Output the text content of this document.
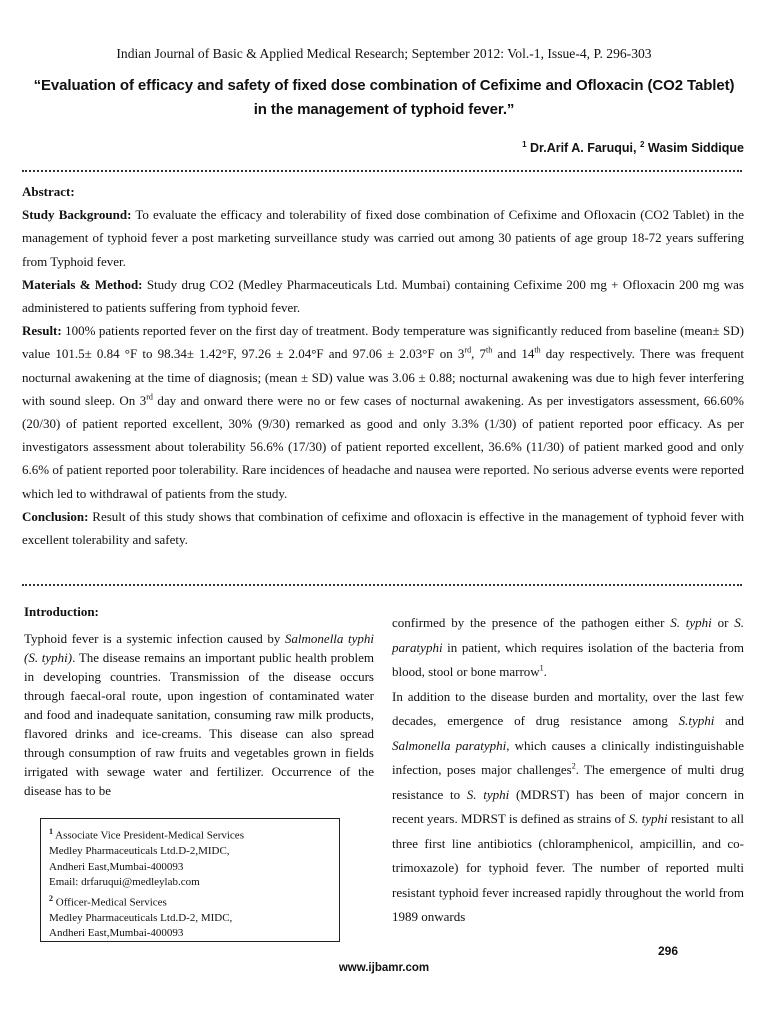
Indian Journal of Basic & Applied Medical Research; September 2012: Vol.-1, Issue-4, P. 296-303
“Evaluation of efficacy and safety of fixed dose combination of Cefixime and Ofloxacin (CO2 Tablet) in the management of typhoid fever.”
$^1$ Dr.Arif A. Faruqui, $^2$ Wasim Siddique

Abstract:

Study Background: To evaluate the efficacy and tolerability of fixed dose combination of Cefixime and Ofloxacin (CO2 Tablet) in the management of typhoid fever a post marketing surveillance study was carried out among 30 patients of age group 18-72 years suffering from Typhoid fever.

Materials & Method: Study drug CO2 (Medley Pharmaceuticals Ltd. Mumbai) containing Cefixime 200 mg + Ofloxacin 200 mg was administered to patients suffering from typhoid fever.

Result: 100% patients reported fever on the first day of treatment. Body temperature was significantly reduced from baseline (mean± SD) value 101.5± 0.84 °F to 98.34± 1.42°F, 97.26 ± 2.04°F and 97.06 ± 2.03°F on 3rd, 7th and 14th day respectively. There was frequent nocturnal awakening at the time of diagnosis; (mean ± SD) value was 3.06 ± 0.88; nocturnal awakening was due to high fever interfering with sound sleep. On 3rd day and onward there were no or few cases of nocturnal awakening. As per investigators assessment, 66.60% (20/30) of patient reported excellent, 30% (9/30) remarked as good and only 3.3% (1/30) of patient reported poor efficacy. As per investigators assessment about tolerability 56.6% (17/30) of patient reported excellent, 36.6% (11/30) of patient marked good and only 6.6% of patient reported poor tolerability. Rare incidences of headache and nausea were reported. No serious adverse events were reported which led to withdrawal of patients from the study.

Conclusion: Result of this study shows that combination of cefixime and ofloxacin is effective in the management of typhoid fever with excellent tolerability and safety.

Introduction:

Typhoid fever is a systemic infection caused by Salmonella typhi (S. typhi). The disease remains an important public health problem in developing countries. Transmission of the disease occurs through faecal-oral route, upon ingestion of contaminated water and food and inadequate sanitation, consuming raw milk products, flavored drinks and ice-creams. This disease can also spread through consumption of raw fruits and vegetables grown in fields irrigated with sewage water and fertilizer. Occurrence of the disease has to be

$^1$ Associate Vice President-Medical Services
Medley Pharmaceuticals Ltd.D-2,MIDC,
Andheri East,Mumbai-400093
Email: drfaruqui@medleylab.com
$^2$ Officer-Medical Services
Medley Pharmaceuticals Ltd.D-2, MIDC,
Andheri East,Mumbai-400093

confirmed by the presence of the pathogen either S. typhi or S. paratyphi in patient, which requires isolation of the bacteria from blood, stool or bone marrow$^1$.

In addition to the disease burden and mortality, over the last few decades, emergence of drug resistance among S.typhi and Salmonella paratyphi, which causes a clinically indistinguishable infection, poses major challenges$^2$. The emergence of multi drug resistance to S. typhi (MDRST) has been of major concern in recent years. MDRST is defined as strains of S. typhi resistant to all three first line antibiotics (chloramphenicol, ampicillin, and co-trimoxazole) for typhoid fever. The number of reported multi resistant typhoid fever increased rapidly throughout the world from 1989 onwards

296
www.ijbamr.com
